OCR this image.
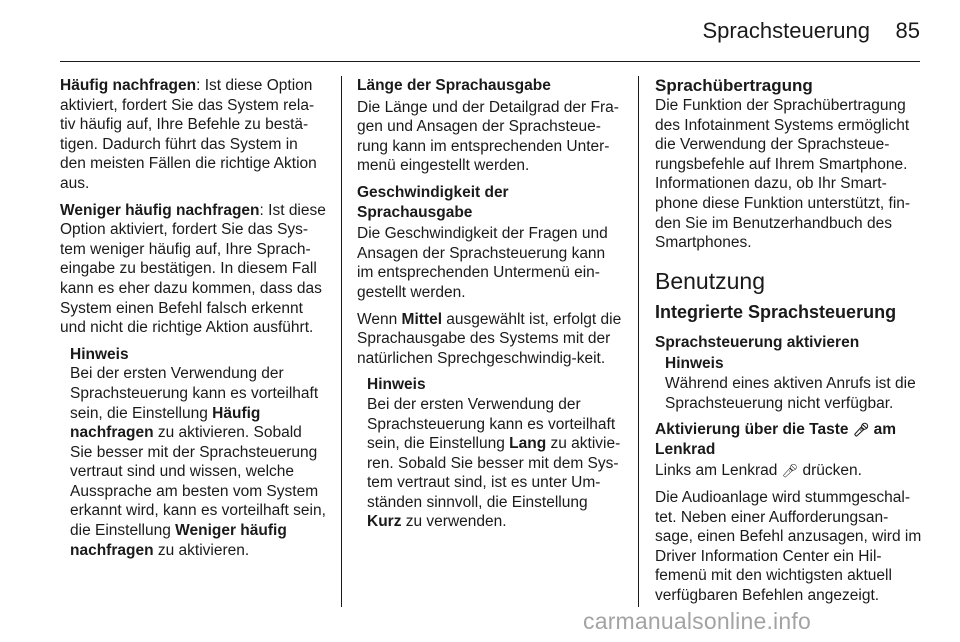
Sprachsteuerung 85

Häufig nachfragen: Ist diese Option aktiviert, fordert Sie das System rela-tiv häufig auf, Ihre Befehle zu bestä-tigen. Dadurch führt das System in den meisten Fällen die richtige Aktion aus.

Weniger häufig nachfragen: Ist diese Option aktiviert, fordert Sie das Sys-tem weniger häufig auf, Ihre Sprach-eingabe zu bestätigen. In diesem Fall kann es eher dazu kommen, dass das System einen Befehl falsch erkennt und nicht die richtige Aktion ausführt.

Hinweis

Bei der ersten Verwendung der Sprachsteuerung kann es vorteilhaft sein, die Einstellung Häufig nachfragen zu aktivieren. Sobald Sie besser mit der Sprachsteuerung vertraut sind und wissen, welche Aussprache am besten vom System erkannt wird, kann es vorteilhaft sein, die Einstellung Weniger häufig nachfragen zu aktivieren.

Länge der Sprachausgabe

Die Länge und der Detailgrad der Fra-gen und Ansagen der Sprachsteue-rung kann im entsprechenden Unter-menü eingestellt werden.

Geschwindigkeit der Sprachausgabe

Die Geschwindigkeit der Fragen und Ansagen der Sprachsteuerung kann im entsprechenden Untermenü ein-gestellt werden.

Wenn Mittel ausgewählt ist, erfolgt die Sprachausgabe des Systems mit der natürlichen Sprechgeschwindig-keit.

Hinweis

Bei der ersten Verwendung der Sprachsteuerung kann es vorteilhaft sein, die Einstellung Lang zu aktivie-ren. Sobald Sie besser mit dem Sys-tem vertraut sind, ist es unter Um-ständen sinnvoll, die Einstellung Kurz zu verwenden.

Sprachübertragung

Die Funktion der Sprachübertragung des Infotainment Systems ermöglicht die Verwendung der Sprachsteue-rungsbefehle auf Ihrem Smartphone. Informationen dazu, ob Ihr Smart-phone diese Funktion unterstützt, fin-den Sie im Benutzerhandbuch des Smartphones.

Benutzung
Integrierte Sprachsteuerung
Sprachsteuerung aktivieren
Hinweis

Während eines aktiven Anrufs ist die Sprachsteuerung nicht verfügbar.

Aktivierung über die Taste 🎤︎ am Lenkrad

Links am Lenkrad 🎤︎ drücken.

Die Audioanlage wird stummgeschal-tet. Neben einer Aufforderungsan-sage, einen Befehl anzusagen, wird im Driver Information Center ein Hil-femenü mit den wichtigsten aktuell verfügbaren Befehlen angezeigt.

carmanualsonline.info
